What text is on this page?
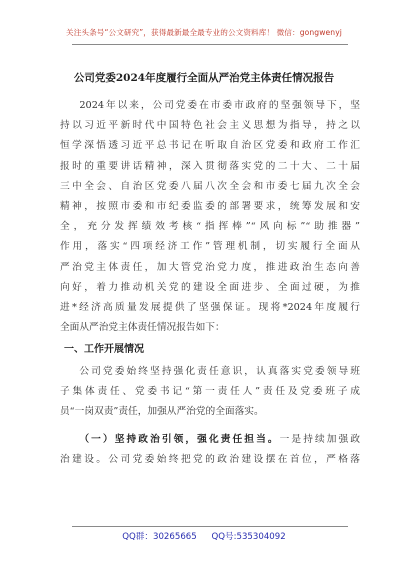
关注头条号“公文研究”，获得最新最全最专业的公文资料库！ 微信：gongwenyj
公司党委2024年度履行全面从严治党主体责任情况报告
2024年以来，公司党委在市委市政府的坚强领导下，坚
持以习近平新时代中国特色社会主义思想为指导，持之以
恒学深悟透习近平总书记在听取自治区党委和政府工作汇
报时的重要讲话精神，深入贯彻落实党的二十大、二十届
三中全会、自治区党委八届八次全会和市委七届九次全会
精神，按照市委和市纪委监委的部署要求，统筹发展和安
全，充分发挥绩效考核“指挥棒”“风向标”“助推器”
作用，落实“四项经济工作”管理机制，切实履行全面从
严治党主体责任，加大管党治党力度，推进政治生态向善
向好，着力推动机关党的建设全面进步、全面过硬，为推
进*经济高质量发展提供了坚强保证。现将*2024年度履行
全面从严治党主体责任情况报告如下：
一、工作开展情况
公司党委始终坚持强化责任意识，认真落实党委领导班
子集体责任、党委书记“第一责任人”责任及党委班子成
员“一岗双责”责任，加强从严治党的全面落实。
（一）坚持政治引领，强化责任担当。一是持续加强政
治建设。公司党委始终把党的政治建设摆在首位，严格落
QQ群：30265665 QQ号:535304092
